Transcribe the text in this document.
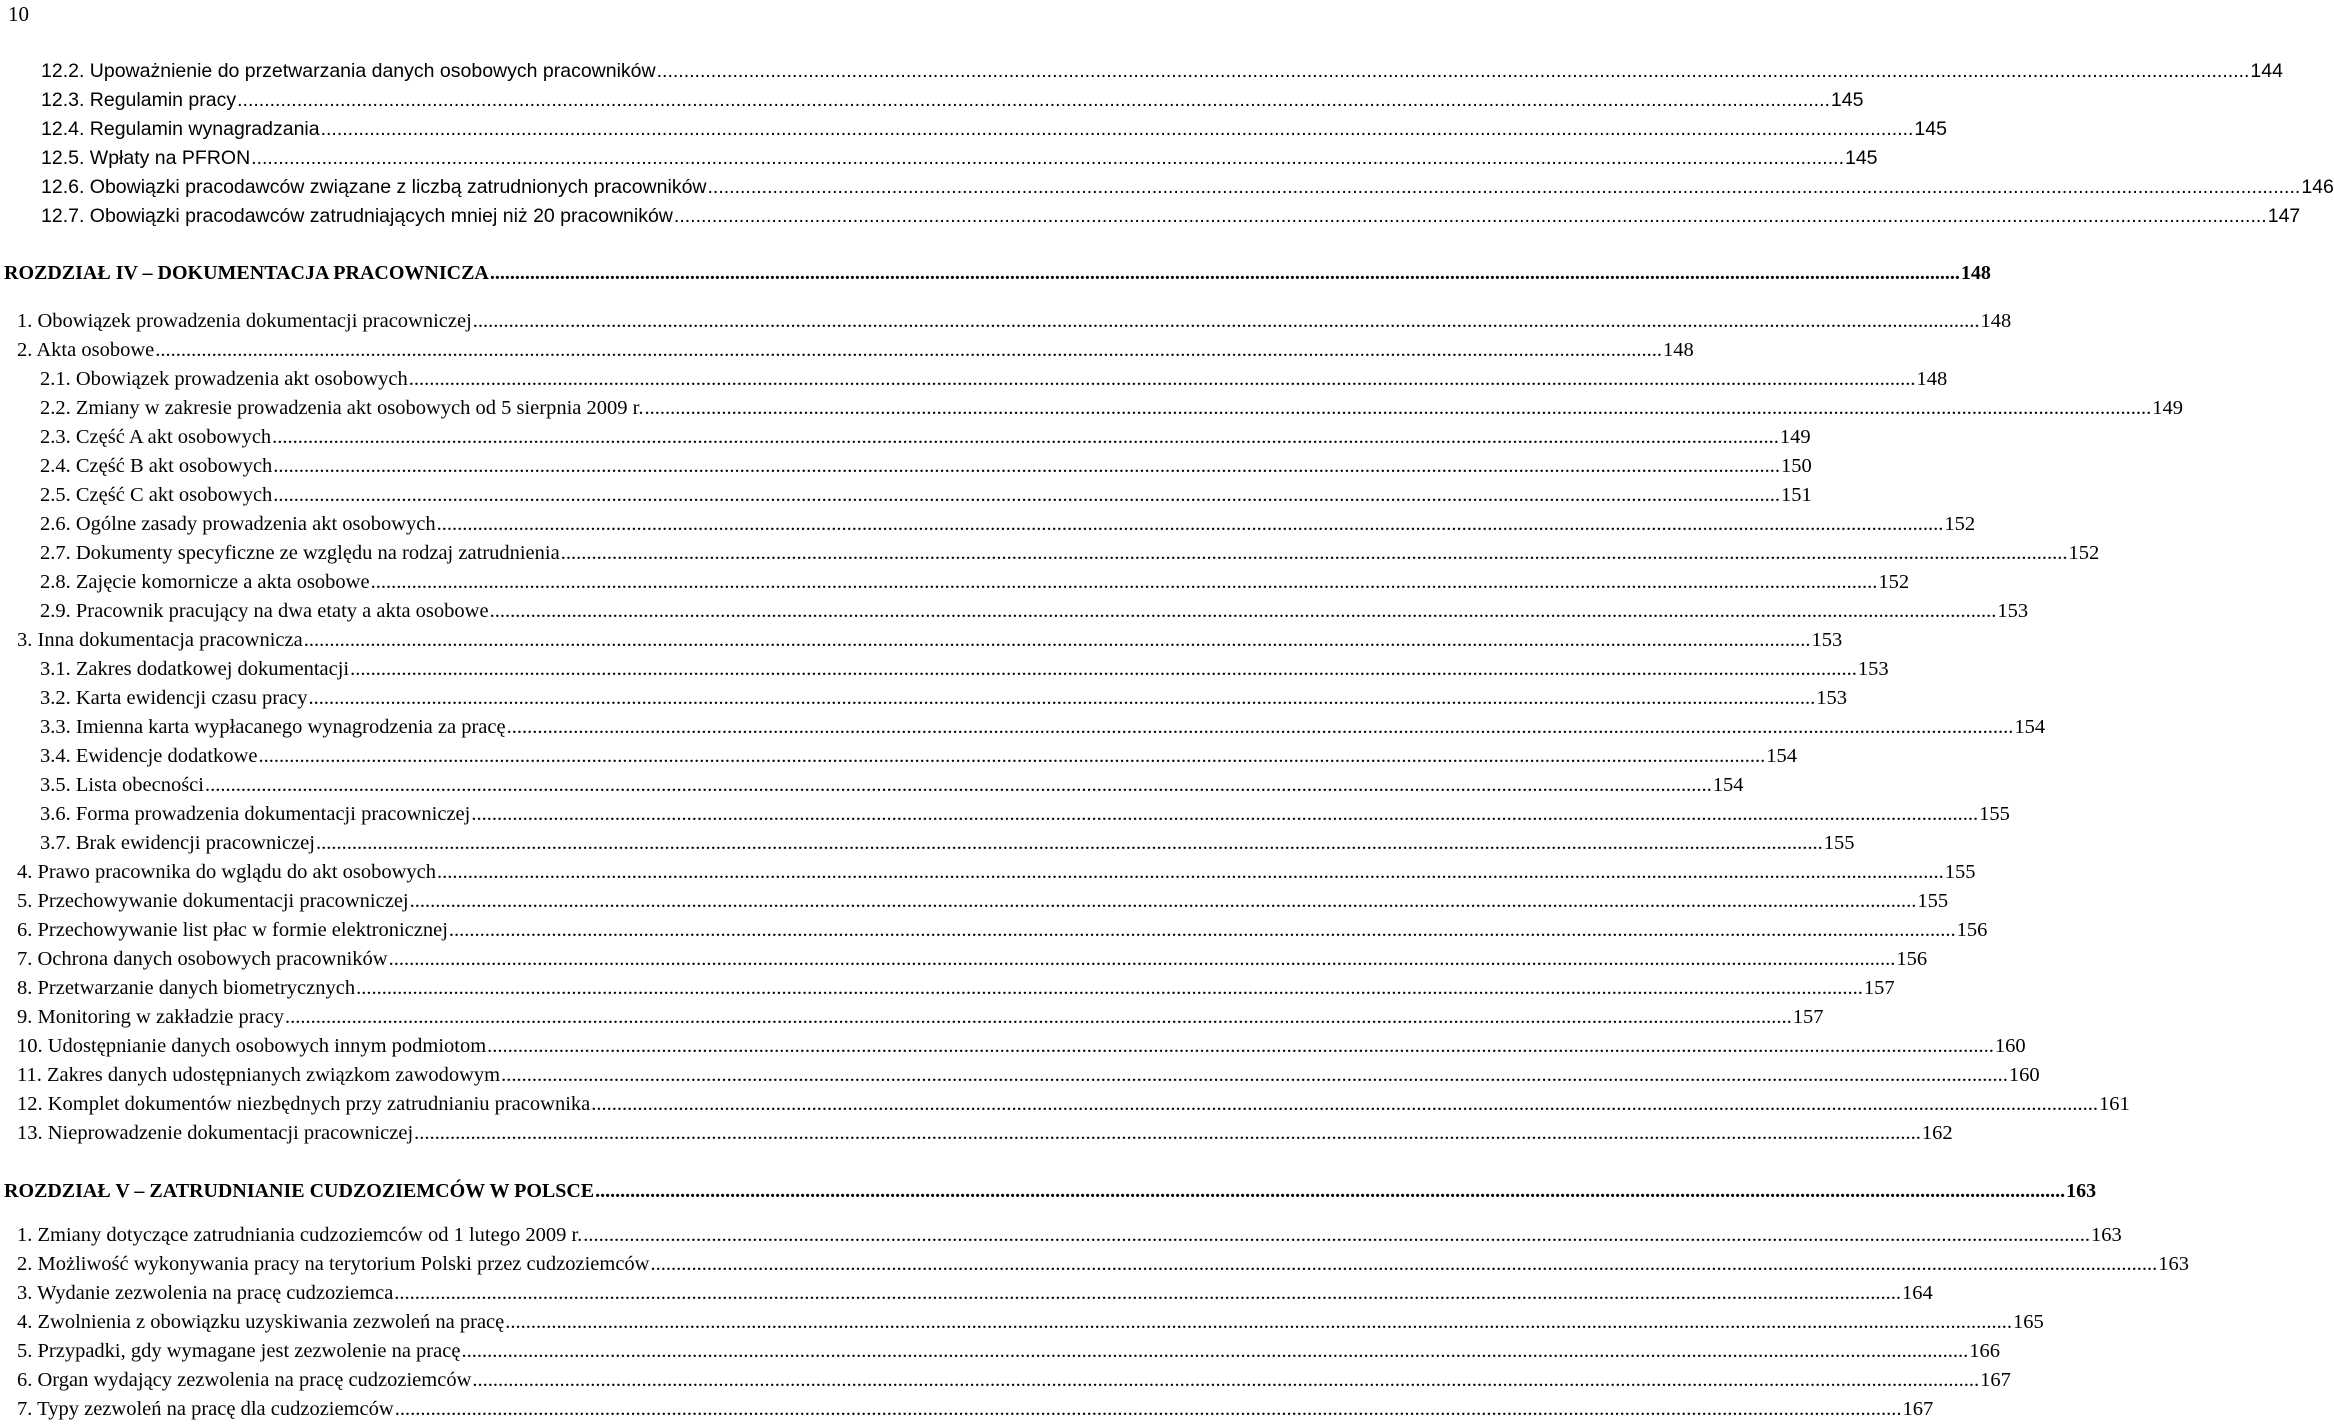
10
12.2. Upoważnienie do przetwarzania danych osobowych pracowników .....	144
12.3. Regulamin pracy .....	145
12.4. Regulamin wynagradzania .....	145
12.5. Wpłaty na PFRON .....	145
12.6. Obowiązki pracodawców związane z liczbą zatrudnionych pracowników .....	146
12.7. Obowiązki pracodawców zatrudniających mniej niż 20 pracowników .....	147
ROZDZIAŁ IV – DOKUMENTACJA PRACOWNICZA .....	148
1. Obowiązek prowadzenia dokumentacji pracowniczej .....	148
2. Akta osobowe .....	148
2.1. Obowiązek prowadzenia akt osobowych .....	148
2.2. Zmiany w zakresie prowadzenia akt osobowych od 5 sierpnia 2009 r. .....	149
2.3. Część A akt osobowych .....	149
2.4. Część B akt osobowych .....	150
2.5. Część C akt osobowych .....	151
2.6. Ogólne zasady prowadzenia akt osobowych .....	152
2.7. Dokumenty specyficzne ze względu na rodzaj zatrudnienia .....	152
2.8. Zajęcie komornicze a akta osobowe .....	152
2.9. Pracownik pracujący na dwa etaty a akta osobowe .....	153
3. Inna dokumentacja pracownicza .....	153
3.1. Zakres dodatkowej dokumentacji .....	153
3.2. Karta ewidencji czasu pracy .....	153
3.3. Imienna karta wypłacanego wynagrodzenia za pracę .....	154
3.4. Ewidencje dodatkowe .....	154
3.5. Lista obecności .....	154
3.6. Forma prowadzenia dokumentacji pracowniczej .....	155
3.7. Brak ewidencji pracowniczej .....	155
4. Prawo pracownika do wglądu do akt osobowych .....	155
5. Przechowywanie dokumentacji pracowniczej .....	155
6. Przechowywanie list płac w formie elektronicznej .....	156
7. Ochrona danych osobowych pracowników .....	156
8. Przetwarzanie danych biometrycznych .....	157
9. Monitoring w zakładzie pracy .....	157
10. Udostępnianie danych osobowych innym podmiotom .....	160
11. Zakres danych udostępnianych związkom zawodowym .....	160
12. Komplet dokumentów niezbędnych przy zatrudnianiu pracownika .....	161
13. Nieprowadzenie dokumentacji pracowniczej .....	162
ROZDZIAŁ V – ZATRUDNIANIE CUDZOZIEMCÓW W POLSCE .....	163
1. Zmiany dotyczące zatrudniania cudzoziemców od 1 lutego 2009 r. .....	163
2. Możliwość wykonywania pracy na terytorium Polski przez cudzoziemców .....	163
3. Wydanie zezwolenia na pracę cudzoziemca .....	164
4. Zwolnienia z obowiązku uzyskiwania zezwoleń na pracę .....	165
5. Przypadki, gdy wymagane jest zezwolenie na pracę .....	166
6. Organ wydający zezwolenia na pracę cudzoziemców .....	167
7. Typy zezwoleń na pracę dla cudzoziemców .....	167
